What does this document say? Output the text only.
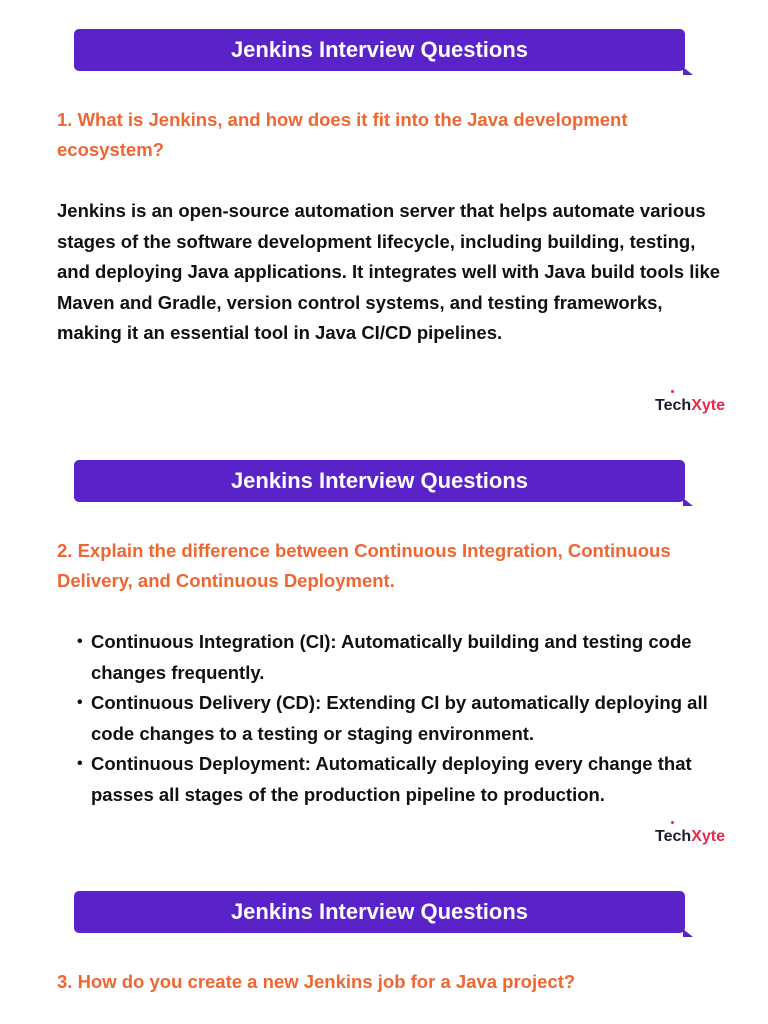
Jenkins Interview Questions

1. What is Jenkins, and how does it fit into the Java development ecosystem?

Jenkins is an open-source automation server that helps automate various stages of the software development lifecycle, including building, testing, and deploying Java applications. It integrates well with Java build tools like Maven and Gradle, version control systems, and testing frameworks, making it an essential tool in Java CI/CD pipelines.

TechXyte
Jenkins Interview Questions

2. Explain the difference between Continuous Integration, Continuous Delivery, and Continuous Deployment.

• Continuous Integration (CI): Automatically building and testing code changes frequently.
• Continuous Delivery (CD): Extending CI by automatically deploying all code changes to a testing or staging environment.
• Continuous Deployment: Automatically deploying every change that passes all stages of the production pipeline to production.
TechXyte
Jenkins Interview Questions

3. How do you create a new Jenkins job for a Java project?
